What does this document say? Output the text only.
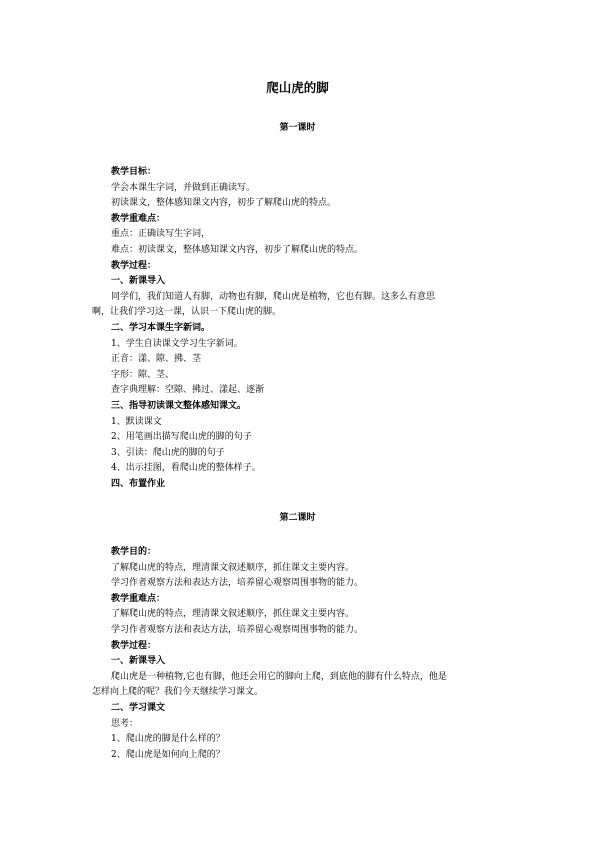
爬山虎的脚
第一课时

教学目标：

学会本课生字词，并做到正确读写。

初读课文，整体感知课文内容，初步了解爬山虎的特点。

教学重难点：

重点：正确读写生字词，

难点：初读课文，整体感知课文内容，初步了解爬山虎的特点。

教学过程：

一、新课导入

同学们，我们知道人有脚，动物也有脚，爬山虎是植物，它也有脚。这多么有意思

啊，让我们学习这一课，认识一下爬山虎的脚。

二、学习本课生字新词。

1、学生自读课文学习生字新词。

正音：漾、隙、拂、茎

字形：隙、茎、

查字典理解：空隙、拂过、漾起、逐渐

三、指导初读课文整体感知课文。

1、默读课文

2、用笔画出描写爬山虎的脚的句子

3、引读：爬山虎的脚的句子

4、出示挂图，看爬山虎的整体样子。

四、布置作业

第二课时

教学目的：

了解爬山虎的特点，理清课文叙述顺序，抓住课文主要内容。

学习作者观察方法和表达方法，培养留心观察周围事物的能力。

教学重难点：

了解爬山虎的特点，理清课文叙述顺序，抓住课文主要内容。

学习作者观察方法和表达方法，培养留心观察周围事物的能力。

教学过程：

一、新课导入

爬山虎是一种植物,它也有脚，他还会用它的脚向上爬，到底他的脚有什么特点，他是

怎样向上爬的呢？我们今天继续学习课文。

二、学习课文

思考：

1、爬山虎的脚是什么样的？

2、爬山虎是如何向上爬的？
